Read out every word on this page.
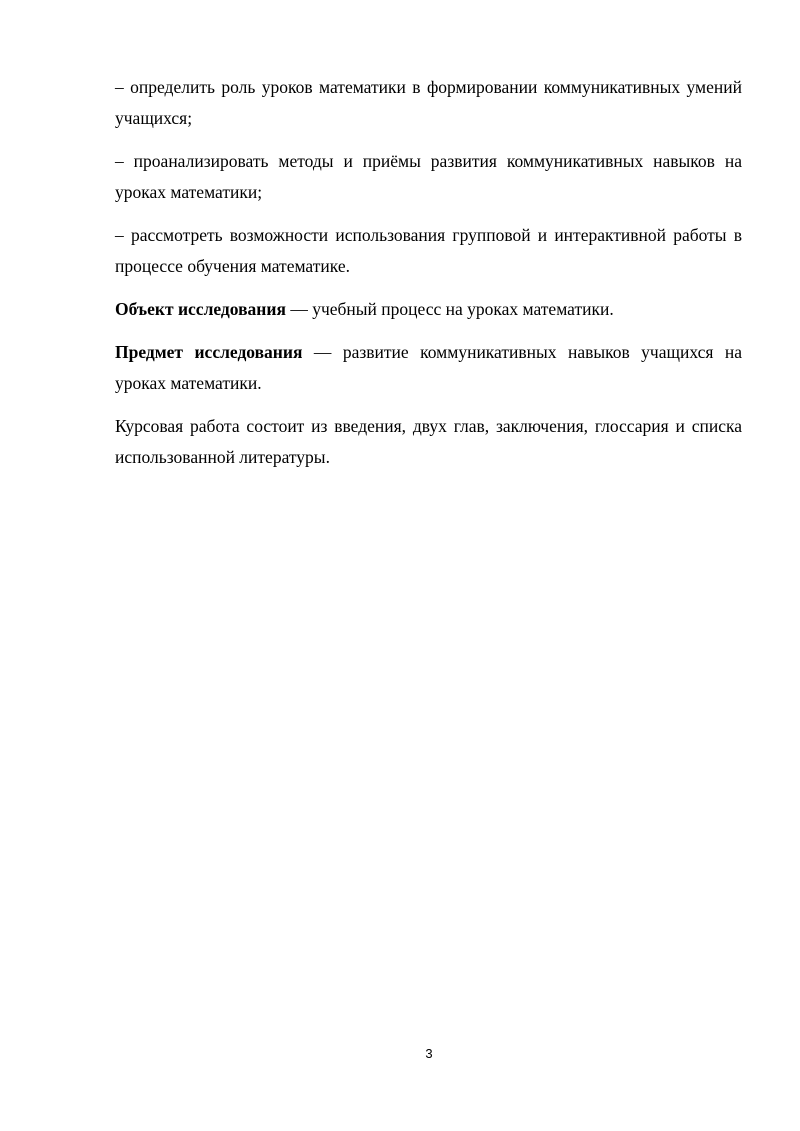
– определить роль уроков математики в формировании коммуникативных умений учащихся;

– проанализировать методы и приёмы развития коммуникативных навыков на уроках математики;

– рассмотреть возможности использования групповой и интерактивной работы в процессе обучения математике.

Объект исследования — учебный процесс на уроках математики.

Предмет исследования — развитие коммуникативных навыков учащихся на уроках математики.

Курсовая работа состоит из введения, двух глав, заключения, глоссария и списка использованной литературы.

3
